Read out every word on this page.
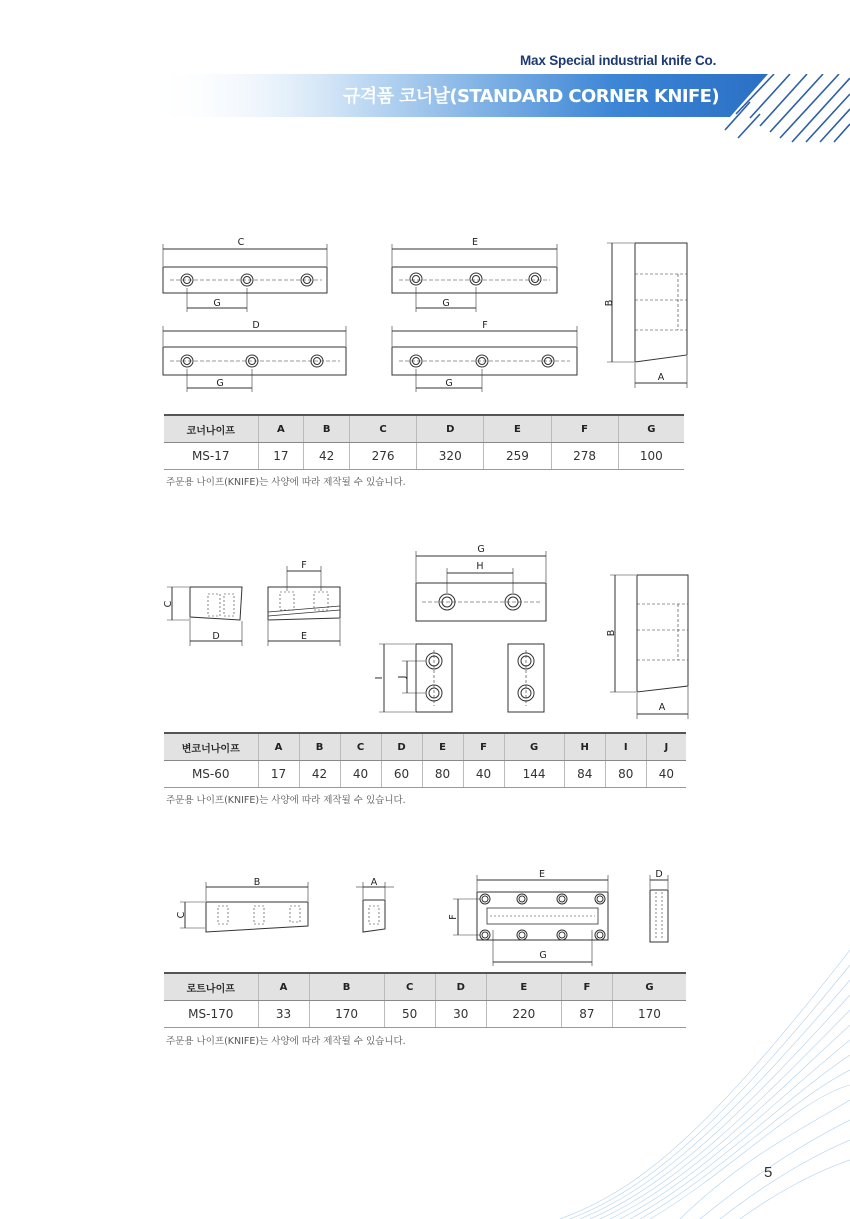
Max Special industrial knife Co.
규격품 코너날(STANDARD CORNER KNIFE)
C
G
D
G
E
G
F
G
B
A
코너나이프	A	B	C	D	E	F	G
MS-17	17	42	276	320	259	278	100
주문용 나이프(KNIFE)는 사양에 따라 제작될 수 있습니다.
C
D
F
E
G
H
I J
B
A
변코너나이프	A	B	C	D	E	F	G	H	I	J
MS-60	17	42	40	60	80	40	144	84	80	40
주문용 나이프(KNIFE)는 사양에 따라 제작될 수 있습니다.
B
C
A
E
F
G
D
로트나이프	A	B	C	D	E	F	G
MS-170	33	170	50	30	220	87	170
주문용 나이프(KNIFE)는 사양에 따라 제작될 수 있습니다.
5
